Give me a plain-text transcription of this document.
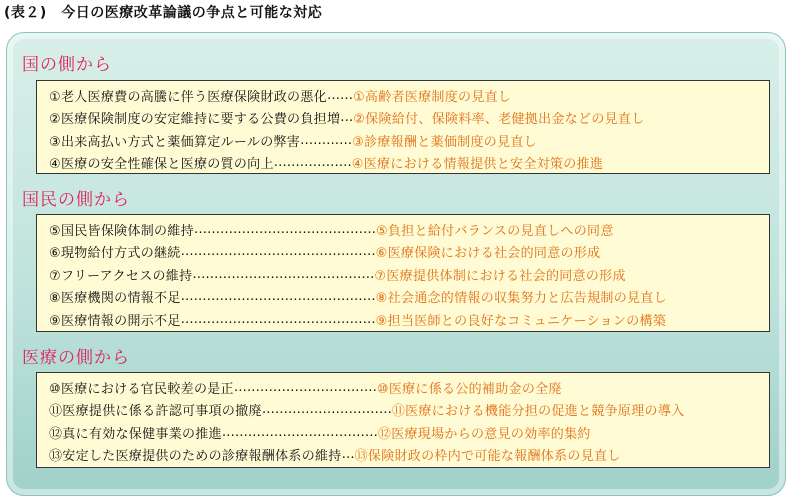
(表２)　今日の医療改革論議の争点と可能な対応
国の側から
①老人医療費の高騰に伴う医療保険財政の悪化 …… ①高齢者医療制度の見直し
②医療保険制度の安定維持に要する公費の負担増 … ②保険給付、保険料率、老健拠出金などの見直し
③出来高払い方式と薬価算定ルールの弊害 ………… ③診療報酬と薬価制度の見直し
④医療の安全性確保と医療の質の向上 ……………… ④医療における情報提供と安全対策の推進
国民の側から
⑤国民皆保険体制の維持 …………………………………… ⑤負担と給付バランスの見直しへの同意
⑥現物給付方式の継続 ……………………………………… ⑥医療保険における社会的同意の形成
⑦フリーアクセスの維持 …………………………………… ⑦医療提供体制における社会的同意の形成
⑧医療機関の情報不足 ……………………………………… ⑧社会通念的情報の収集努力と広告規制の見直し
⑨医療情報の開示不足 ……………………………………… ⑨担当医師との良好なコミュニケーションの構築
医療の側から
⑩医療における官民較差の是正 …………………………… ⑩医療に係る公的補助金の全廃
⑪医療提供に係る許認可事項の撤廃 ………………………… ⑪医療における機能分担の促進と競争原理の導入
⑫真に有効な保健事業の推進 ……………………………… ⑫医療現場からの意見の効率的集約
⑬安定した医療提供のための診療報酬体系の維持 … ⑬保険財政の枠内で可能な報酬体系の見直し
